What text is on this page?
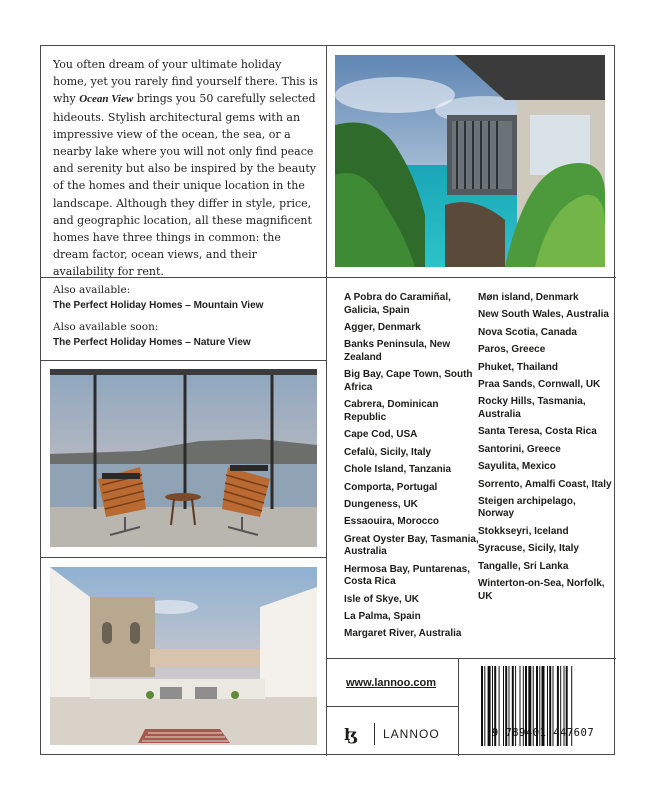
You often dream of your ultimate holiday home, yet you rarely find yourself there. This is why Ocean View brings you 50 carefully selected hideouts. Stylish architectural gems with an impressive view of the ocean, the sea, or a nearby lake where you will not only find peace and serenity but also be inspired by the beauty of the homes and their unique location in the landscape. Although they differ in style, price, and geographic location, all these magnificent homes have three things in common: the dream factor, ocean views, and their availability for rent.

Also available:
The Perfect Holiday Homes – Mountain View
Also available soon:
The Perfect Holiday Homes – Nature View
A Pobra do Caramiñal, Galicia, Spain
Agger, Denmark
Banks Peninsula, New Zealand
Big Bay, Cape Town, South Africa
Cabrera, Dominican Republic
Cape Cod, USA
Cefalù, Sicily, Italy
Chole Island, Tanzania
Comporta, Portugal
Dungeness, UK
Essaouira, Morocco
Great Oyster Bay, Tasmania, Australia
Hermosa Bay, Puntarenas, Costa Rica
Isle of Skye, UK
La Palma, Spain
Margaret River, Australia
Møn island, Denmark
New South Wales, Australia
Nova Scotia, Canada
Paros, Greece
Phuket, Thailand
Praa Sands, Cornwall, UK
Rocky Hills, Tasmania, Australia
Santa Teresa, Costa Rica
Santorini, Greece
Sayulita, Mexico
Sorrento, Amalfi Coast, Italy
Steigen archipelago, Norway
Stokkseyri, Iceland
Syracuse, Sicily, Italy
Tangalle, Sri Lanka
Winterton-on-Sea, Norfolk, UK
www.lannoo.com
ɮ	LANNOO	9 789401 447607
